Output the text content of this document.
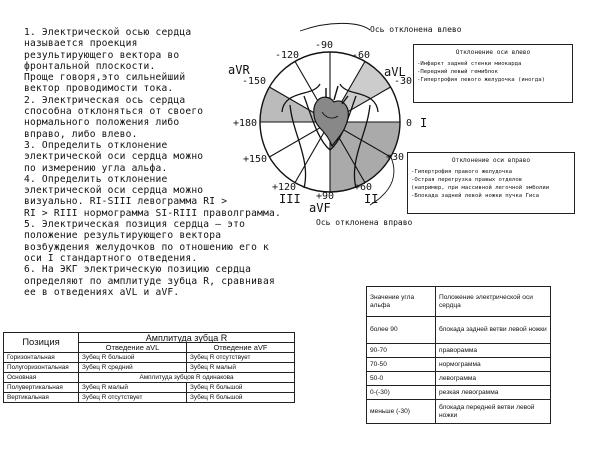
1. Электрической осью сердца

называется проекция

результирующего вектора во

фронтальной плоскости.

Проще говоря,это сильнейший

вектор проводимости тока.

2. Электрическая ось сердца

способна отклоняться от своего

нормального положения либо

вправо, либо влево.

3. Определить отклонение

электрической оси сердца можно

по измерению угла альфа.

4. Определить отклонение

электрической оси сердца можно

визуально. RI-SIII левограмма RI >

RI > RIII нормограмма SI-RIII праволграмма.

5. Электрическая позиция сердца — это

положение результирующего вектора

возбуждения желудочков по отношению его к

оси I стандартного отведения.

6. На ЭКГ электрическую позицию сердца

определяют по амплитуде зубца R, сравнивая

ее в отведениях aVL и aVF.

Ось отклонена влево
Ось отклонена вправо
-90
-120	-60
-150	-30
+180	0
+150	+30
+120	+60
+90
aVR	aVL
I
II
III
aVF
Отклонение оси влево
-Инфаркт задней стенки миокарда
-Передний левый гемиблок
-Гипертрофия левого желудочка (иногда)
Отклонение оси вправо
-Гипертрофия правого желудочка
-Острая перегрузка правых отделов
(например, при массивной легочной эмболии
-Блокада задней левой ножки пучка Гиса
Позиция	Амплитуда зубца R	
	Отведение aVL	Отведение aVF
Горизонтальная	Зубец R большой	Зубец R отсутствует
Полугоризонтальная	Зубец R средний	Зубец R малый
Основная	Амплитуда зубцов R одинакова	
Полувертикальная	Зубец R малый	Зубец R большой
Вертикальная	Зубец R отсутствует	Зубец R большой
Значение угла альфа	Положение электрической оси сердца
более 90	блокада задней ветви левой ножки
90-70	праворамма
70-50	нормограмма
50-0	левограмма
0-(-30)	резкая левограмма
меньше (-30)	блокада передней ветви левой ножки
